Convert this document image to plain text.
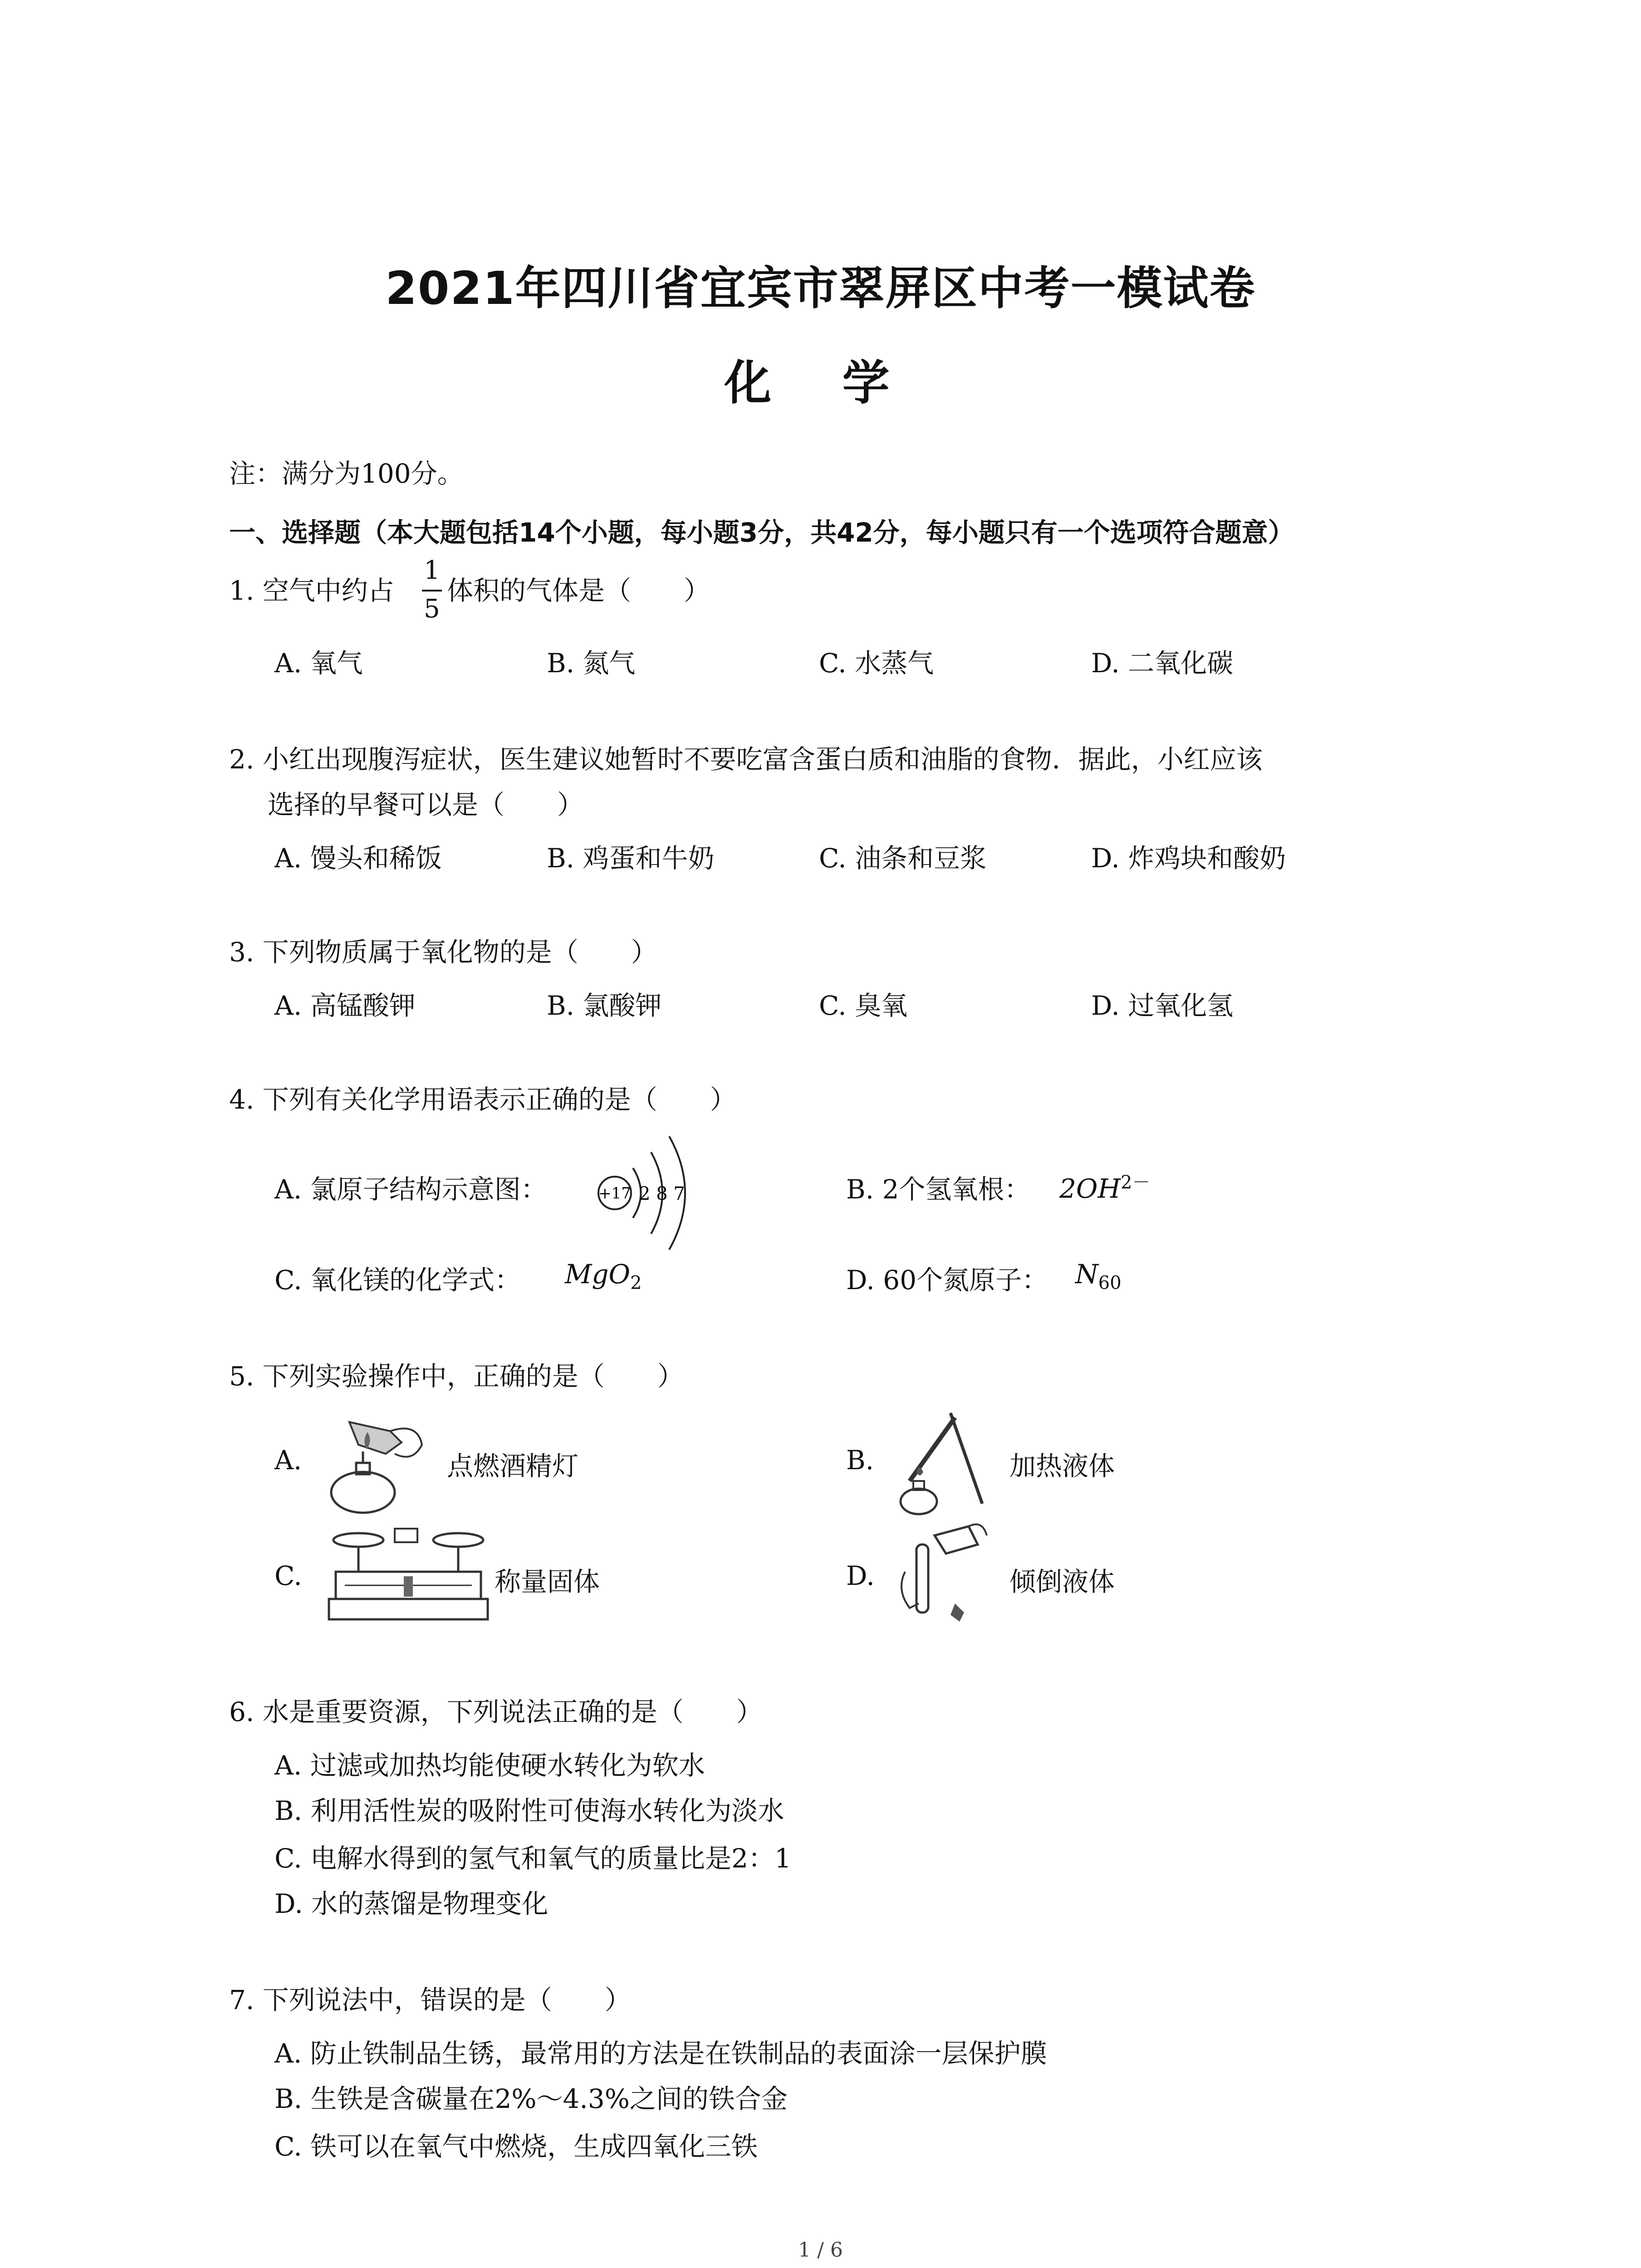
2021年四川省宜宾市翠屏区中考一模试卷
化 学
注：满分为100分。
一、选择题（本大题包括14个小题，每小题3分，共42分，每小题只有一个选项符合题意）
1. 空气中约占
1
5
体积的气体是（　　）
A. 氧气	B. 氮气	C. 水蒸气	D. 二氧化碳
2. 小红出现腹泻症状，医生建议她暂时不要吃富含蛋白质和油脂的食物．据此，小红应该
选择的早餐可以是（　　）
A. 馒头和稀饭	B. 鸡蛋和牛奶	C. 油条和豆浆	D. 炸鸡块和酸奶
3. 下列物质属于氧化物的是（　　）
A. 高锰酸钾	B. 氯酸钾	C. 臭氧	D. 过氧化氢
4. 下列有关化学用语表示正确的是（　　）
A. 氯原子结构示意图：	+17 2 8 7	B. 2个氢氧根： $2OH^{2-}$
C. 氧化镁的化学式： MgO$_2$	D. 60个氮原子： $N_{60}$
5. 下列实验操作中，正确的是（　　）
A.	点燃酒精灯	B.	加热液体
C.	称量固体	D.	倾倒液体
6. 水是重要资源，下列说法正确的是（　　）
A. 过滤或加热均能使硬水转化为软水
B. 利用活性炭的吸附性可使海水转化为淡水
C. 电解水得到的氢气和氧气的质量比是2：1
D. 水的蒸馏是物理变化
7. 下列说法中，错误的是（　　）
A. 防止铁制品生锈，最常用的方法是在铁制品的表面涂一层保护膜
B. 生铁是含碳量在2%～4.3%之间的铁合金
C. 铁可以在氧气中燃烧，生成四氧化三铁
1 / 6
